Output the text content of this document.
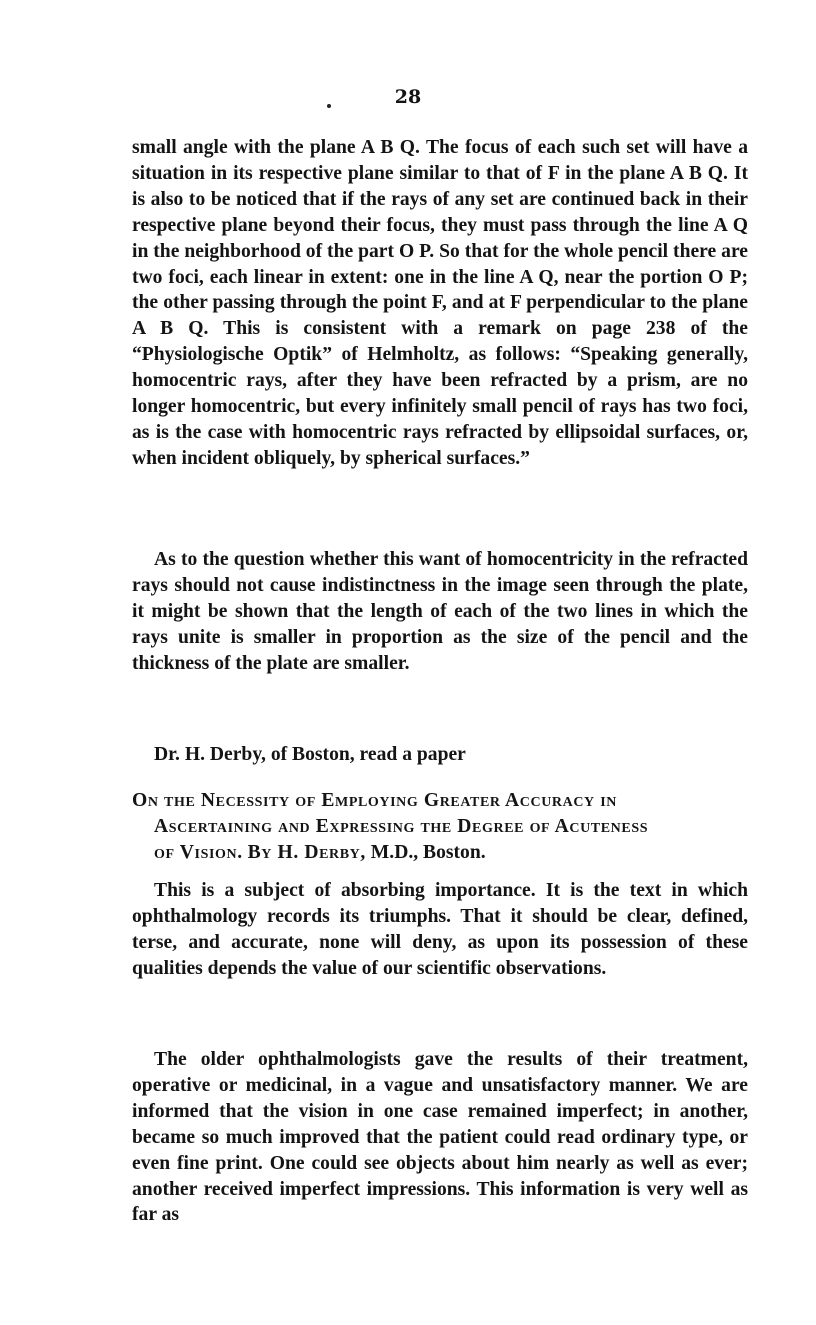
28

small angle with the plane A B Q. The focus of each such set will have a situation in its respective plane similar to that of F in the plane A B Q. It is also to be noticed that if the rays of any set are continued back in their respective plane beyond their focus, they must pass through the line A Q in the neighborhood of the part O P. So that for the whole pencil there are two foci, each linear in extent: one in the line A Q, near the portion O P; the other passing through the point F, and at F perpendicular to the plane A B Q. This is consistent with a remark on page 238 of the “Physiologische Optik” of Helmholtz, as follows: “Speaking generally, homocentric rays, after they have been refracted by a prism, are no longer homocentric, but every infinitely small pencil of rays has two foci, as is the case with homocentric rays refracted by ellipsoidal surfaces, or, when incident obliquely, by spherical surfaces.”

As to the question whether this want of homocentricity in the refracted rays should not cause indistinctness in the image seen through the plate, it might be shown that the length of each of the two lines in which the rays unite is smaller in proportion as the size of the pencil and the thickness of the plate are smaller.

Dr. H. Derby, of Boston, read a paper

On the Necessity of Employing Greater Accuracy in
Ascertaining and Expressing the Degree of Acuteness
of Vision. By H. Derby, M.D., Boston.

This is a subject of absorbing importance. It is the text in which ophthalmology records its triumphs. That it should be clear, defined, terse, and accurate, none will deny, as upon its possession of these qualities depends the value of our scientific observations.

The older ophthalmologists gave the results of their treatment, operative or medicinal, in a vague and unsatisfactory manner. We are informed that the vision in one case remained imperfect; in another, became so much improved that the patient could read ordinary type, or even fine print. One could see objects about him nearly as well as ever; another received imperfect impressions. This information is very well as far as
